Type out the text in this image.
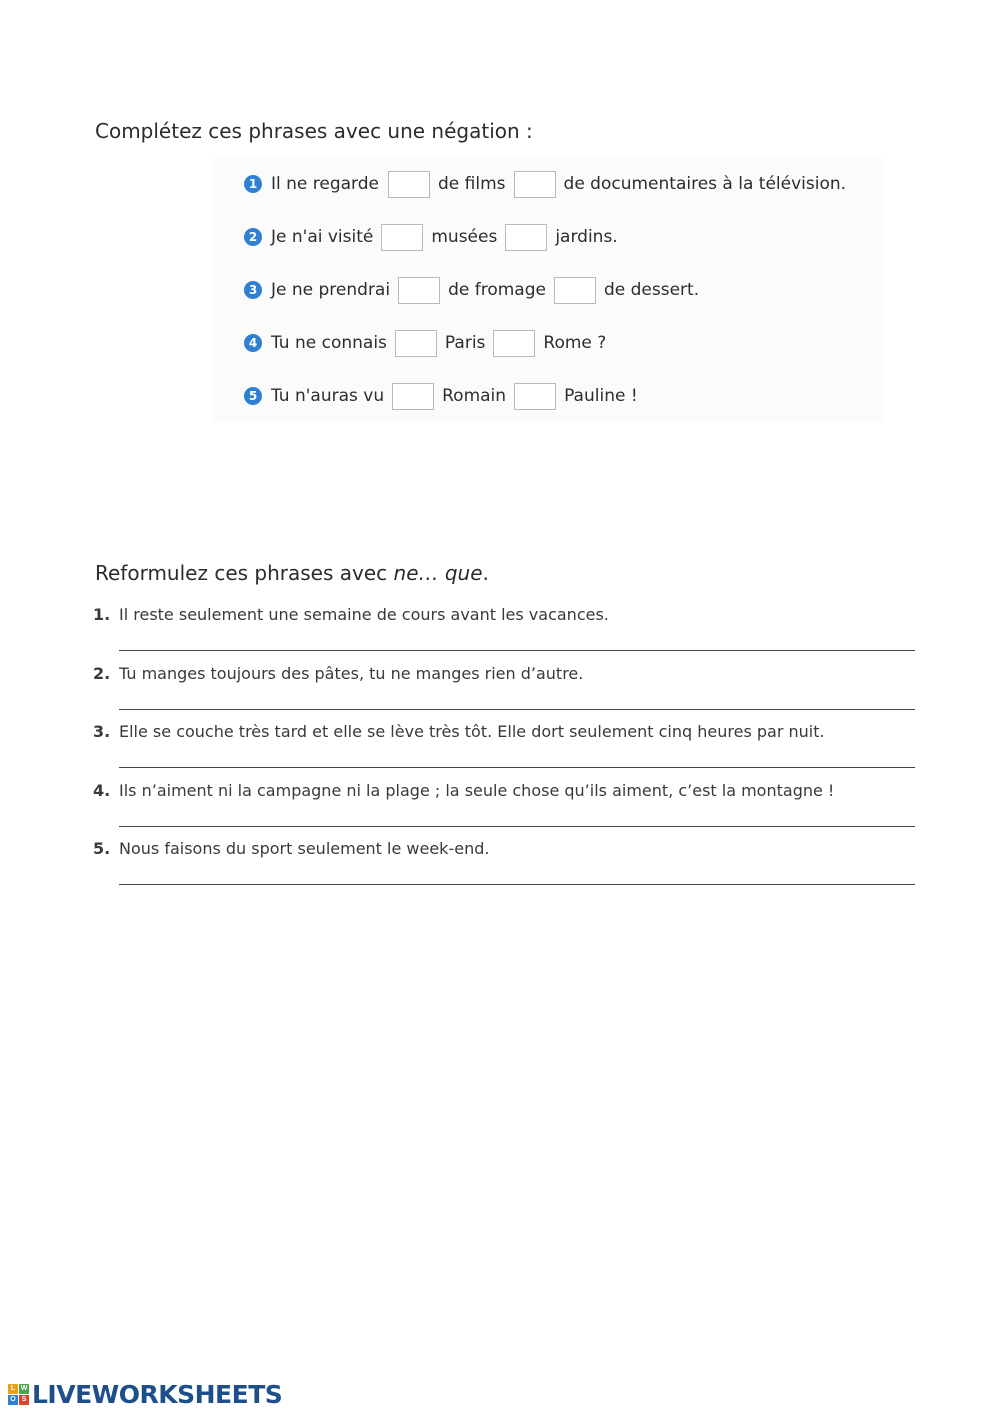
Complétez ces phrases avec une négation :
1 Il ne regarde	de films	de documentaires à la télévision.
2 Je n'ai visité	musées	jardins.
3 Je ne prendrai	de fromage	de dessert.
4 Tu ne connais	Paris	Rome ?
5 Tu n'auras vu	Romain	Pauline !
Reformulez ces phrases avec ne… que.
1. Il reste seulement une semaine de cours avant les vacances.
2. Tu manges toujours des pâtes, tu ne manges rien d’autre.
3. Elle se couche très tard et elle se lève très tôt. Elle dort seulement cinq heures par nuit.
4. Ils n’aiment ni la campagne ni la plage ; la seule chose qu’ils aiment, c’est la montagne !
5. Nous faisons du sport seulement le week-end.
L W
O S LIVEWORKSHEETS
